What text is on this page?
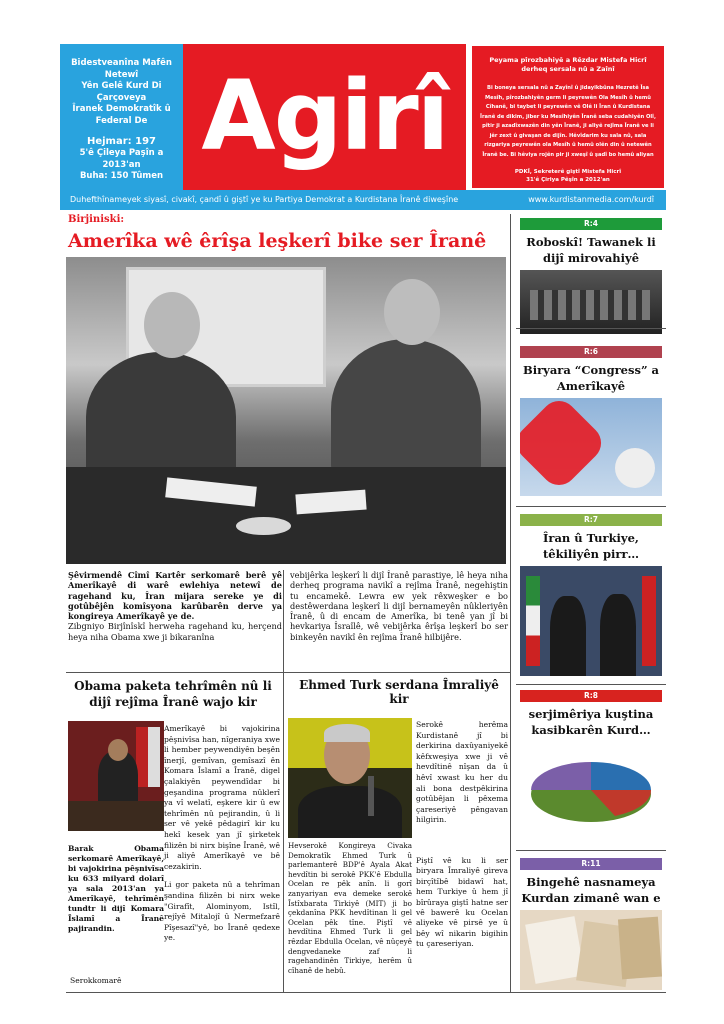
Bidestveanîna Mafên
Netewî
Yên Gelê Kurd Di
Çarçoveya
Îranek Demokratîk û
Federal De
Hejmar: 197
5'ê Çileya Paşîn a 2013'an
Buha: 150 Tûmen
Agirî	Peyama pîrozbahiyê a Rêzdar Mistefa Hicrî derheq sersala nû a Zaînî
Bi boneya sersala nû a Zayînî û jidayikbûna Hezretê Îsa Mesîh, pîrozbahiyên germ li peyrewên Ola Mesîh û hemû Cîhanê, bi taybet li peyrewên vê Olê li Îran û Kurdistana Îranê de dikim, jiber ku Mesîhiyên Îranê seba cudahiyên Olî, pîtir ji azadîxwazên din yên Îranê, ji aliyê rejîma Îranê ve li jêr zext û givaşan de dijîn. Hêvîdarim ku sala nû, sala rizgariya peyrewên ola Mesîh û hemû olên din û netewên Îranê be. Bi hêviya rojên pir ji xweşî û şadî bo hemû aliyan
PDKÎ, Sekreterê giştî Mistefa Hicrî
31'ê Çiriya Pêşîn a 2012'an
Duhefthînameyek siyasî, civakî, çandî û giştî ye ku Partiya Demokrat a Kurdistana Îranê diweşîne	www.kurdistanmedia.com/kurdî
Birjiniski:
Amerîka wê êrîşa leşkerî bike ser Îranê

Şêvirmendê Cîmî Kartêr serkomarê berê yê Amerîkayê di warê ewlehiya netewî de ragehand ku, Îran mijara sereke ye di gotûbêjên komîsyona karûbarên derve ya kongireya Amerîkayê ye de.

Zibgniyo Birjînîskî herweha ragehand ku, herçend heya niha Obama xwe ji bikaranîna

vebijêrka leşkerî li dijî Îranê parastiye, lê heya niha derheq programa navikî a rejîma Îranê, negehiştin tu encamekê. Lewra ew yek rêxweşker e bo destêwerdana leşkerî li dijî bernameyên nûkleriyên Îranê, û di encam de Amerîka, bi tenê yan jî bi hevkariya Îsraîlê, wê vebijêrka êrîşa leşkerî bo ser binkeyên navikî ên rejîma Îranê hilbijêre.
Obama paketa tehrîmên nû li dijî rejîma Îranê wajo kir

Amerîkayê bi vajokirina pêşnivîsa han, nîgeraniya xwe li hember peywendiyên beşên înerjî, gemîvan, gemîsazî ên Komara Îslamî a Îranê, digel çalakiyên peywendîdar bi geşandina programa nûklerî ya vî welatî, eşkere kir û ew tehrîmên nû pejirandin, û li ser vê yekê pêdagirî kir ku hekî kesek yan jî şirketek filizên bi nirx bişîne Îranê, wê ji aliyê Amerîkayê ve bê cezakirin.

Li gor paketa nû a tehrîman şandina filizên bi nirx weke "Girafît, Alominyom, Istîl, rejîyê Mitalojî û Nermefzarê Pîşesazî"yê, bo Îranê qedexe ye.

Barak Obama serkomarê Amerîkayê, bi vajokirina pêşnivîsa ku 633 milyard dolarî ya sala 2013'an ya Amerîkayê, tehrîmên tundtr li dijî Komara Îslamî a Îranê pajirandin.
Serokkomarê
Ehmed Turk serdana Îmraliyê kir
Serokê herêma Kurdistanê jî bi derkirina daxûyaniyekê kêfxweşiya xwe ji vê hevdîtinê nîşan da û hêvî xwast ku her du ali bona destpêkirina gotûbêjan li pêxema çareseriyê pêngavan hilgirin.
Hevserokê Kongireya Civaka Demokratîk Ehmed Turk û parlemanterê BDP'ê Ayala Akat hevdîtin bi serokê PKK'ê Ebdulla Ocelan re pêk anîn. li gorî zanyariyan eva demeke serokê Îstîxbarata Tirkiyê (MIT) ji bo çekdanîna PKK hevdîtinan li gel Ocelan pêk tîne. Piştî vê hevdîtina Ehmed Turk li gel rêzdar Ebdulla Ocelan, vê nûçeyê dengvedaneke zaf li ragehandinên Tirkiye, herêm û cîhanê de hebû.
Piştî vê ku li ser biryara Îmraliyê gireva birçîtîbê bidawî hat, hem Turkiye û hem jî bîrûraya giştî hatne ser vê bawerê ku Ocelan aliyeke vê pirsê ye û bêy wî nikarin bigihin tu çareseriyan.
R:4
Roboskî! Tawanek li dijî mirovahiyê
R:6
Biryara “Congress” a Amerîkayê
R:7
Îran û Turkiye, têkiliyên pirr…
R:8
serjimêriya kuştina kasibkarên Kurd…
R:11
Bingehê nasnameya Kurdan zimanê wan e
